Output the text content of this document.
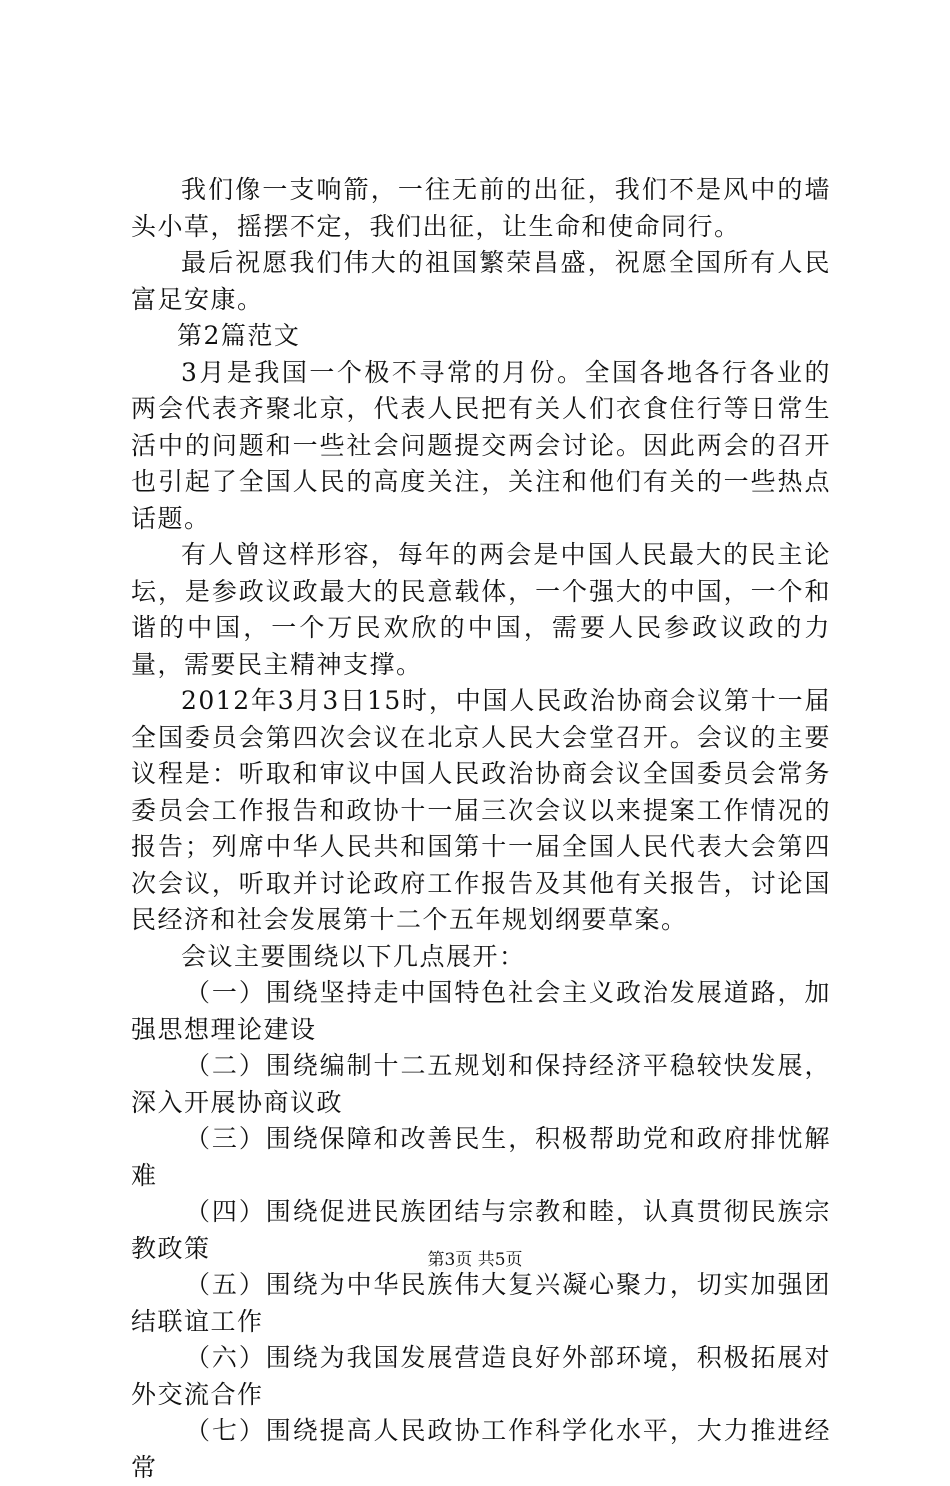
我们像一支响箭，一往无前的出征，我们不是风中的墙头小草，摇摆不定，我们出征，让生命和使命同行。

最后祝愿我们伟大的祖国繁荣昌盛，祝愿全国所有人民富足安康。

第2篇范文

3月是我国一个极不寻常的月份。全国各地各行各业的两会代表齐聚北京，代表人民把有关人们衣食住行等日常生活中的问题和一些社会问题提交两会讨论。因此两会的召开也引起了全国人民的高度关注，关注和他们有关的一些热点话题。

有人曾这样形容，每年的两会是中国人民最大的民主论坛，是参政议政最大的民意载体，一个强大的中国，一个和谐的中国，一个万民欢欣的中国，需要人民参政议政的力量，需要民主精神支撑。

2012年3月3日15时，中国人民政治协商会议第十一届全国委员会第四次会议在北京人民大会堂召开。会议的主要议程是：听取和审议中国人民政治协商会议全国委员会常务委员会工作报告和政协十一届三次会议以来提案工作情况的报告；列席中华人民共和国第十一届全国人民代表大会第四次会议，听取并讨论政府工作报告及其他有关报告，讨论国民经济和社会发展第十二个五年规划纲要草案。

会议主要围绕以下几点展开：

（一）围绕坚持走中国特色社会主义政治发展道路，加强思想理论建设

（二）围绕编制十二五规划和保持经济平稳较快发展，深入开展协商议政

（三）围绕保障和改善民生，积极帮助党和政府排忧解难

（四）围绕促进民族团结与宗教和睦，认真贯彻民族宗教政策

（五）围绕为中华民族伟大复兴凝心聚力，切实加强团结联谊工作

（六）围绕为我国发展营造良好外部环境，积极拓展对外交流合作

（七）围绕提高人民政协工作科学化水平，大力推进经常

第3页 共5页
